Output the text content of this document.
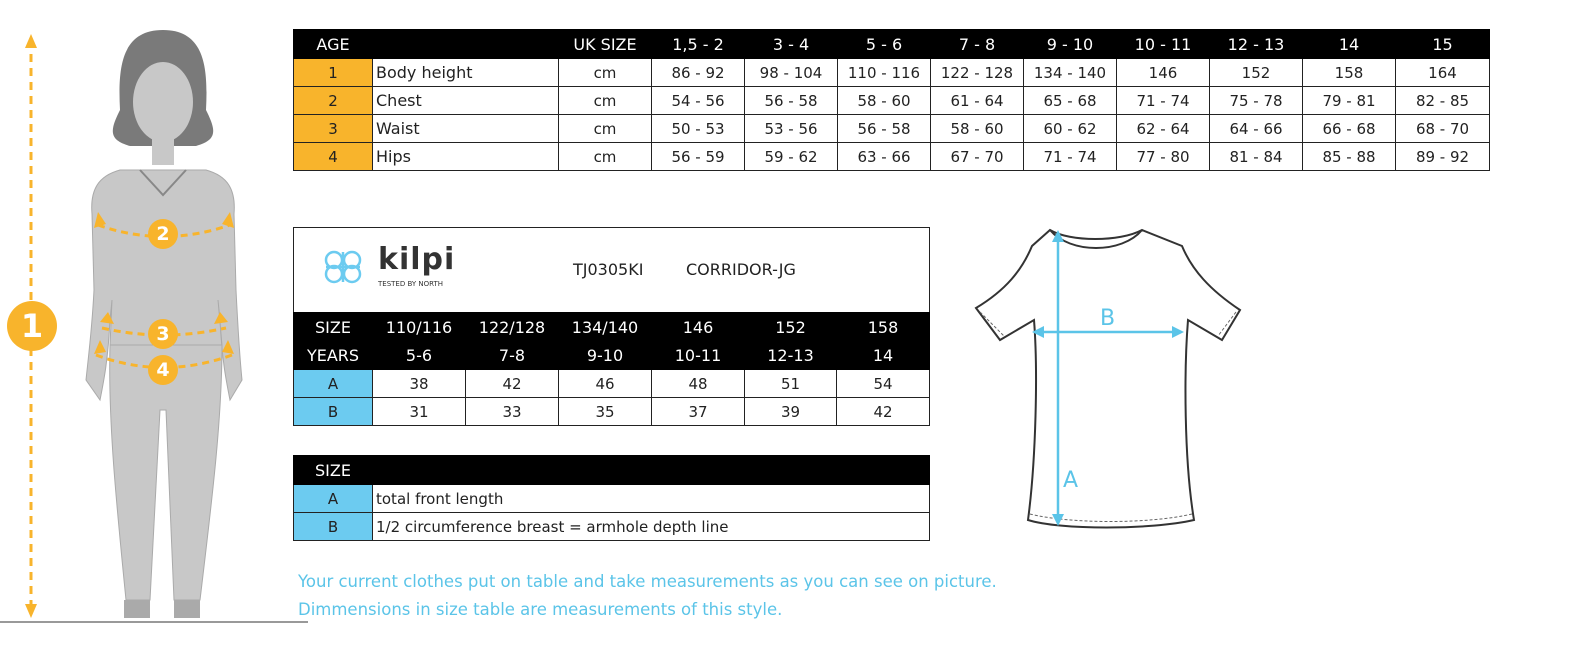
1
2
3
4
AGE		UK SIZE	1,5 - 2	3 - 4	5 - 6	7 - 8	9 - 10	10 - 11	12 - 13	14	15
1	Body height	cm	86 - 92	98 - 104	110 - 116	122 - 128	134 - 140	146	152	158	164
2	Chest	cm	54 - 56	56 - 58	58 - 60	61 - 64	65 - 68	71 - 74	75 - 78	79 - 81	82 - 85
3	Waist	cm	50 - 53	53 - 56	56 - 58	58 - 60	60 - 62	62 - 64	64 - 66	66 - 68	68 - 70
4	Hips	cm	56 - 59	59 - 62	63 - 66	67 - 70	71 - 74	77 - 80	81 - 84	85 - 88	89 - 92
kilpi
TESTED BY NORTH
TJ0305KI	CORRIDOR-JG
SIZE	110/116	122/128	134/140	146	152	158
YEARS	5-6	7-8	9-10	10-11	12-13	14
A	38	42	46	48	51	54
B	31	33	35	37	39	42
SIZE	
A	total front length
B	1/2 circumference breast = armhole depth line
B
A
Your current clothes put on table and take measurements as you can see on picture.
Dimmensions in size table are measurements of this style.
